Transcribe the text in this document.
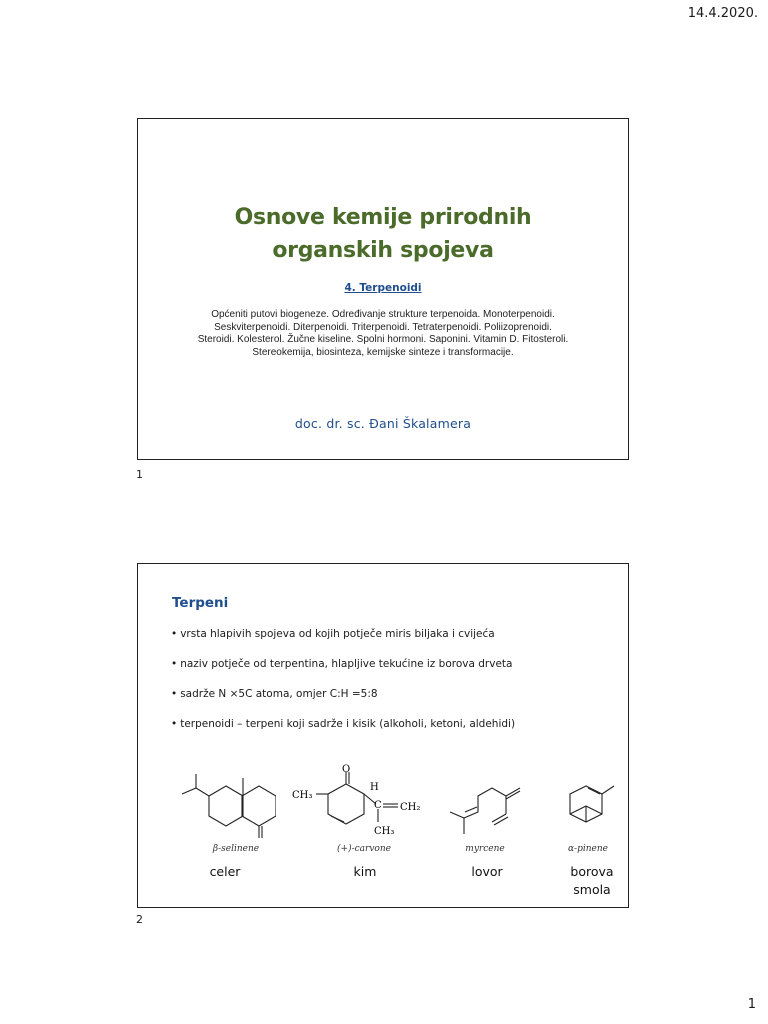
14.4.2020.
Osnove kemije prirodnih
organskih spojeva
4. Terpenoidi
Općeniti putovi biogeneze. Određivanje strukture terpenoida. Monoterpenoidi.
Seskviterpenoidi. Diterpenoidi. Triterpenoidi. Tetraterpenoidi. Poliizoprenoidi.
Steroidi. Kolesterol. Žučne kiseline. Spolni hormoni. Saponini. Vitamin D. Fitosteroli.
Stereokemija, biosinteza, kemijske sinteze i transformacije.
doc. dr. sc. Đani Škalamera
1
Terpeni
• vrsta hlapivih spojeva od kojih potječe miris biljaka i cvijeća
• naziv potječe od terpentina, hlapljive tekućine iz borova drveta
• sadrže N ×5C atoma, omjer C:H =5:8
• terpenoidi – terpeni koji sadrže i kisik (alkoholi, ketoni, aldehidi)
O
H
CH₃
C CH₂
CH₃
β-selinene	(+)-carvone	myrcene	α-pinene
celer	kim	lovor	borova
smola
2
1
